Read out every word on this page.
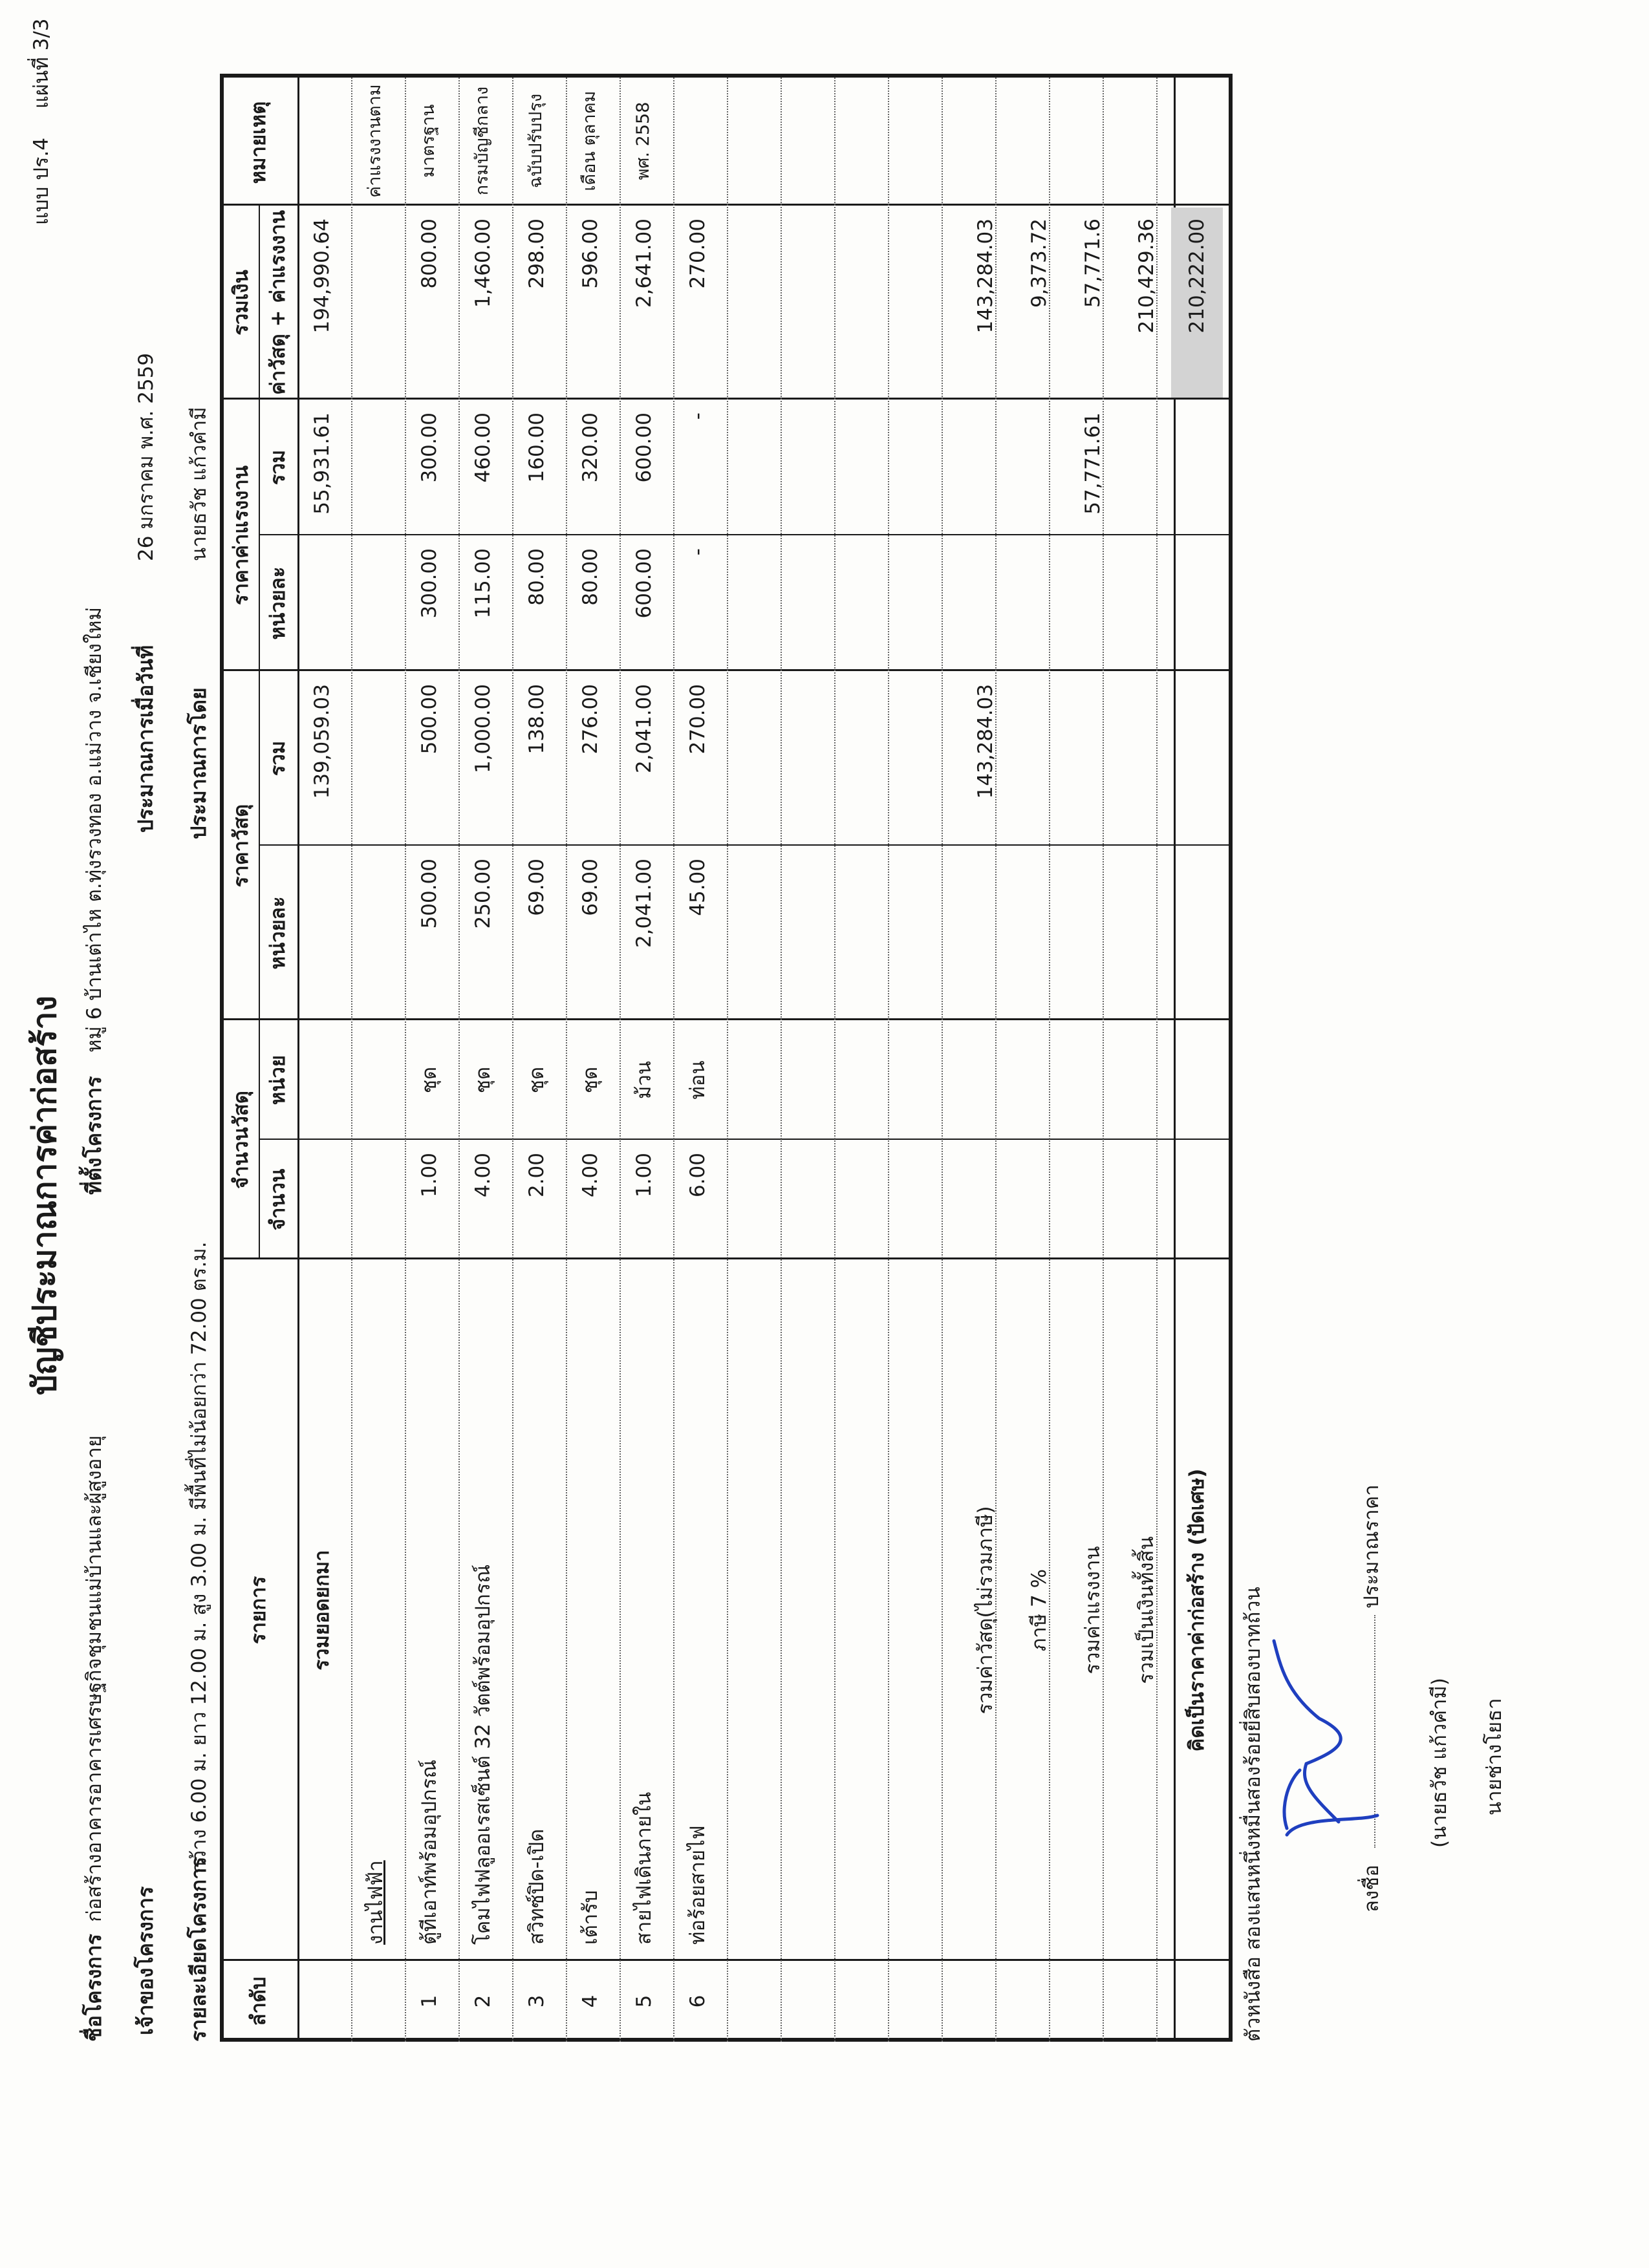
แบบ ปร.4
แผ่นที่ 3/3
บัญชีประมาณการค่าก่อสร้าง
ชื่อโครงการ
ก่อสร้างอาคารอาคารเศรษฐกิจชุมชนแม่บ้านและผู้สูงอายุ
ที่ตั้งโครงการ
หมู่ 6 บ้านเต่าไห ต.ทุ่งรวงทอง อ.แม่วาง จ.เชียงใหม่
เจ้าของโครงการ
ประมาณการเมื่อวันที่
26 มกราคม พ.ศ. 2559
รายละเอียดโครงการ
กว้าง 6.00 ม. ยาว 12.00 ม. สูง 3.00 ม. มีพื้นที่ไม่น้อยกว่า 72.00 ตร.ม.
ประมาณการโดย
นายธวัช แก้วคำมี
ลำดับ
รายการ
จำนวนวัสดุ
จำนวน
หน่วย
ราคาวัสดุ
หน่วยละ
รวม
ราคาค่าแรงงาน หน่วยละ
รวม
รวมเงิน ค่าวัสดุ + ค่าแรงงาน
หมายเหตุ
รวมยอดยกมา
139,059.03
55,931.61
194,990.64
งานไฟฟ้า
1
ตู้ทีเอาท์พร้อมอุปกรณ์
1.00
ชุด
500.00
500.00
300.00
300.00
800.00
ค่าแรงงานตาม
2
โคมไฟฟลูออเรสเซ็นต์ 32 วัตต์พร้อมอุปกรณ์
4.00
ชุด
250.00
1,000.00
115.00
460.00
1,460.00
มาตรฐาน
3
สวิทซ์ปิด-เปิด
2.00
ชุด
69.00
138.00
80.00
160.00
298.00
กรมบัญชีกลาง
4
เต้ารับ
4.00
ชุด
69.00
276.00
80.00
320.00
596.00
ฉบับปรับปรุง
5
สายไฟเดินภายใน
1.00
ม้วน
2,041.00
2,041.00
600.00
600.00
2,641.00
เดือน ตุลาคม
6
ท่อร้อยสายไฟ
6.00
ท่อน
45.00
270.00
-
-
270.00
พศ. 2558
รวมค่าวัสดุ(ไม่รวมภาษี)
143,284.03
143,284.03
ภาษี 7 %
9,373.72
รวมค่าแรงงาน
57,771.61
57,771.6
รวมเป็นเงินทั้งสิ้น
210,429.36
คิดเป็นราคาค่าก่อสร้าง (ปัดเศษ)
210,222.00
ตัวหนังสือ สองแสนหนึ่งหมื่นสองร้อยยี่สิบสองบาทถ้วน	ลงชื่อ
ประมาณราคา
(นายธวัช แก้วคำมี) นายช่างโยธา
